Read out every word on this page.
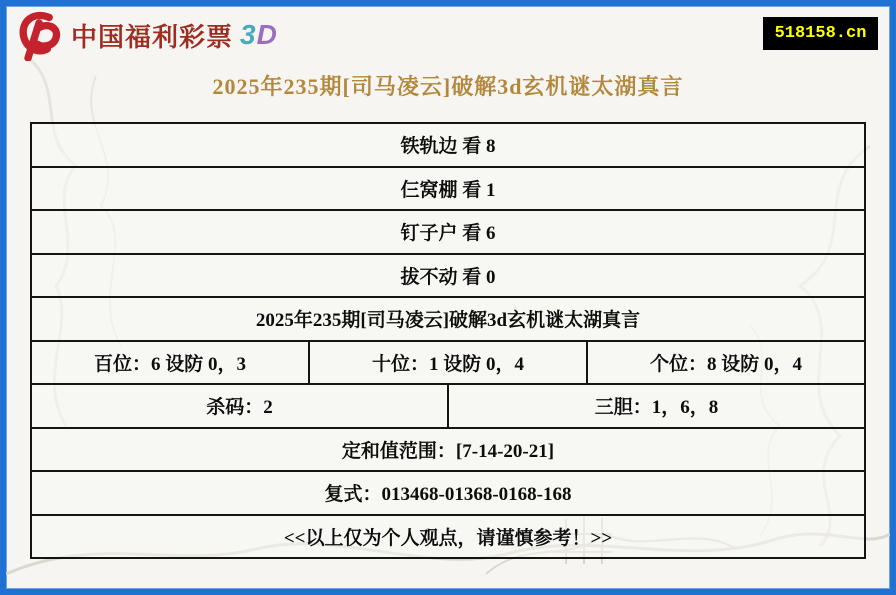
中国福利彩票 3D	518158.cn
2025年235期[司马凌云]破解3d玄机谜太湖真言
铁轨边 看 8
仨窝棚 看 1
钉子户 看 6
拔不动 看 0
2025年235期[司马凌云]破解3d玄机谜太湖真言
百位：6 设防 0，3	十位：1 设防 0，4	个位：8 设防 0，4
杀码：2	三胆：1，6，8
定和值范围：[7-14-20-21]
复式：013468-01368-0168-168
<<以上仅为个人观点，请谨慎参考！>>
